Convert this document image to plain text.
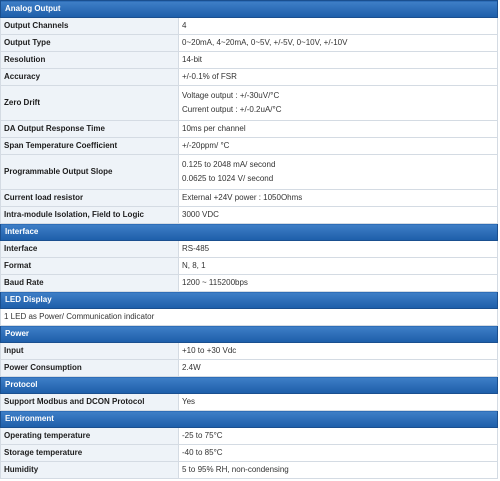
Analog Output	
Output Channels	4

Output Type	0~20mA, 4~20mA, 0~5V, +/-5V, 0~10V, +/-10V

Resolution	14-bit

Accuracy	+/-0.1% of FSR

Zero Drift	Voltage output : +/-30uV/°C
Current output : +/-0.2uA/°C

DA Output Response Time	10ms per channel

Span Temperature Coefficient	+/-20ppm/ °C

Programmable Output Slope	0.125 to 2048 mA/ second
0.0625 to 1024 V/ second

Current load resistor	External +24V power : 1050Ohms

Intra-module Isolation, Field to Logic	3000 VDC

Interface	
Interface	RS-485

Format	N, 8, 1

Baud Rate	1200 ~ 115200bps

LED Display	
1 LED as Power/ Communication indicator	
Power	
Input	+10 to +30 Vdc

Power Consumption	2.4W

Protocol	
Support Modbus and DCON Protocol	Yes

Environment	
Operating temperature	-25 to 75°C

Storage temperature	-40 to 85°C

Humidity	5 to 95% RH, non-condensing
